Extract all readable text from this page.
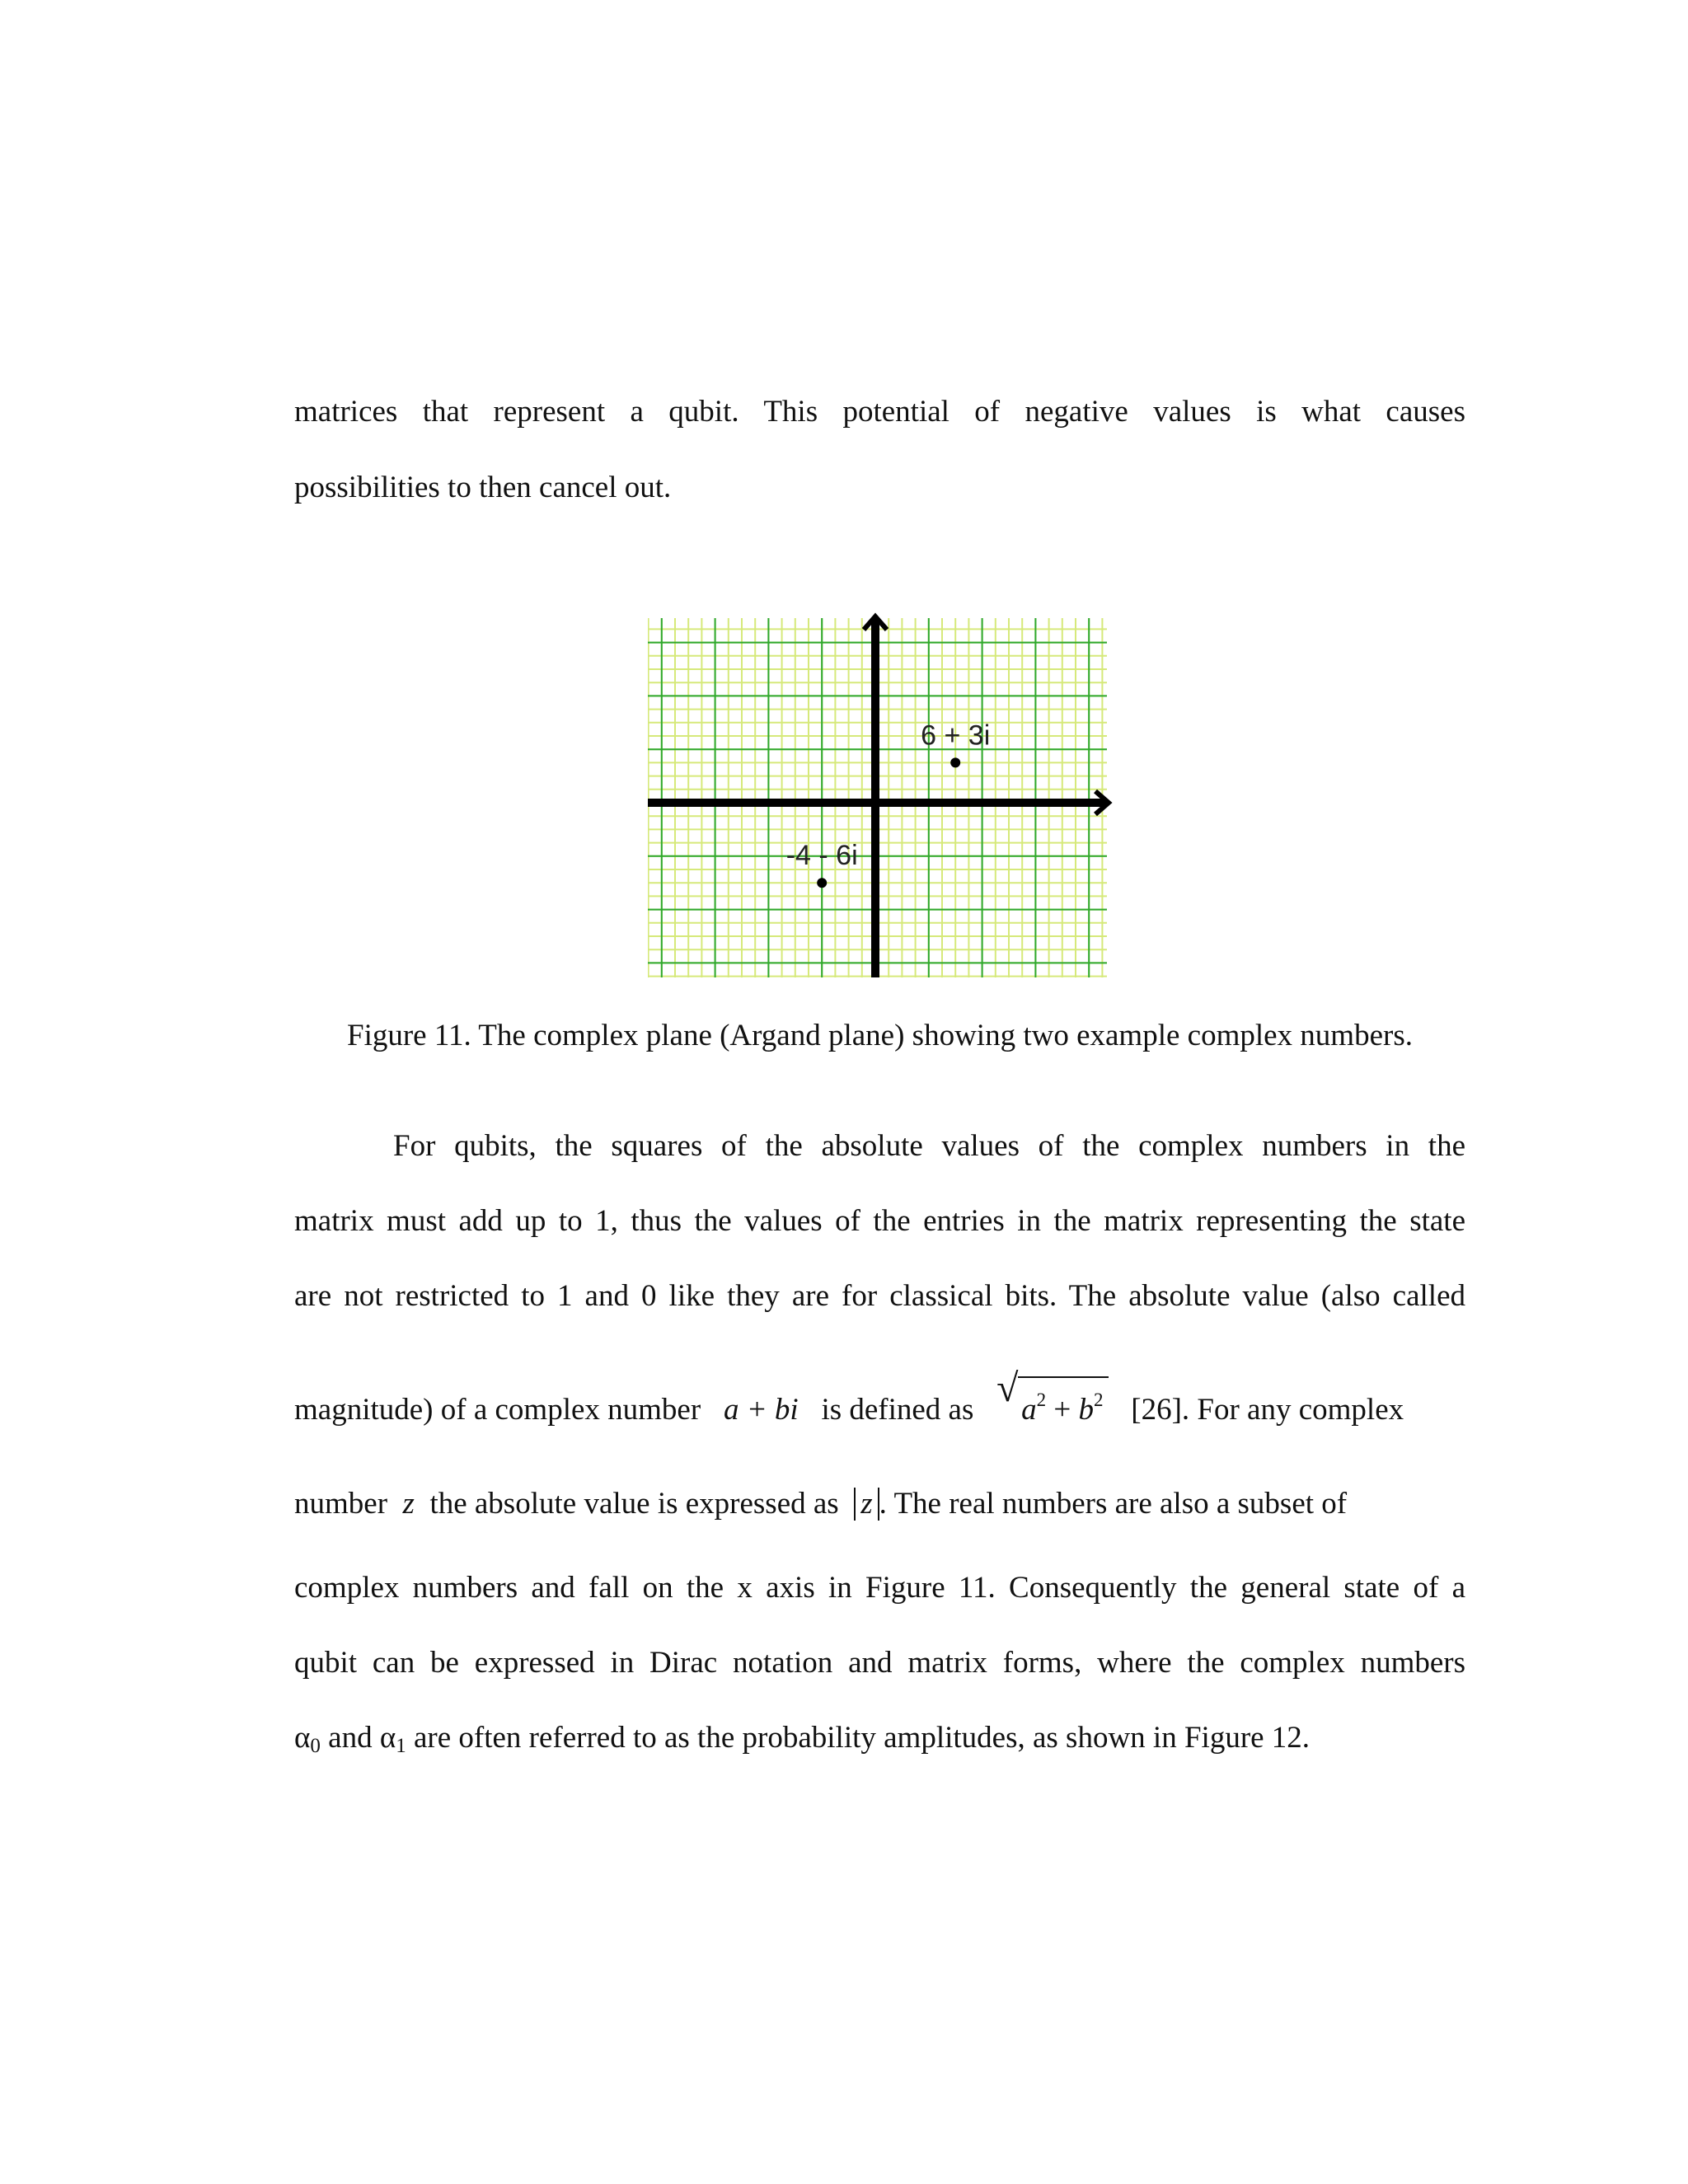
matrices that represent a qubit. This potential of negative values is what causes
possibilities to then cancel out.
6 + 3i
-4 - 6i
Figure 11. The complex plane (Argand plane) showing two example complex numbers.
For qubits, the squares of the absolute values of the complex numbers in the
matrix must add up to 1, thus the values of the entries in the matrix representing the state
are not restricted to 1 and 0 like they are for classical bits. The absolute value (also called
magnitude) of a complex number a + bi is defined as √ $a^2 + b^2$ [26]. For any complex
number z the absolute value is expressed as z . The real numbers are also a subset of
complex numbers and fall on the x axis in Figure 11. Consequently the general state of a
qubit can be expressed in Dirac notation and matrix forms, where the complex numbers
α0 and α1 are often referred to as the probability amplitudes, as shown in Figure 12.
